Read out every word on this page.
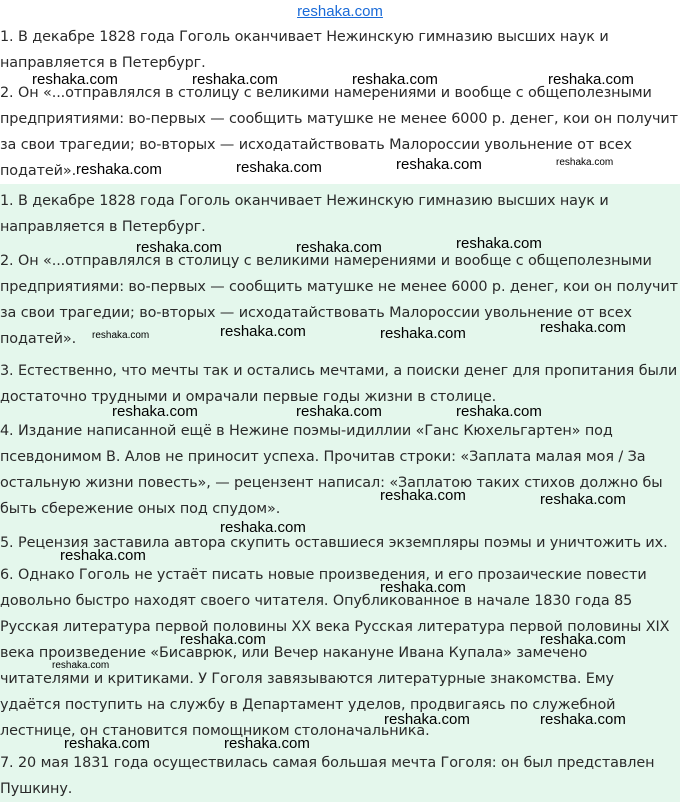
reshaka.com

1. В декабре 1828 года Гоголь оканчивает Нежинскую гимназию высших наук и направляется в Петербург.

2. Он «...отправлялся в столицу с великими намерениями и вообще с общеполезными предприятиями: во-первых — сообщить матушке не менее 6000 р. денег, кои он получит за свои трагедии; во-вторых — исходатайствовать Малороссии увольнение от всех податей».

1. В декабре 1828 года Гоголь оканчивает Нежинскую гимназию высших наук и направляется в Петербург.

2. Он «...отправлялся в столицу с великими намерениями и вообще с общеполезными предприятиями: во-первых — сообщить матушке не менее 6000 р. денег, кои он получит за свои трагедии; во-вторых — исходатайствовать Малороссии увольнение от всех податей».

3. Естественно, что мечты так и остались мечтами, а поиски денег для пропитания были достаточно трудными и омрачали первые годы жизни в столице.

4. Издание написанной ещё в Нежине поэмы-идиллии «Ганс Кюхельгартен» под псевдонимом В. Алов не приносит успеха. Прочитав строки: «Заплата малая моя / За остальную жизни повесть», — рецензент написал: «Заплатою таких стихов должно бы быть сбережение оных под спудом».

5. Рецензия заставила автора скупить оставшиеся экземпляры поэмы и уничтожить их.

6. Однако Гоголь не устаёт писать новые произведения, и его прозаические повести довольно быстро находят своего читателя. Опубликованное в начале 1830 года 85 Русская литература первой половины XX века Русская литература первой половины XIX века произведение «Бисаврюк, или Вечер накануне Ивана Купала» замечено читателями и критиками. У Гоголя завязываются литературные знакомства. Ему удаётся поступить на службу в Департамент уделов, продвигаясь по служебной лестнице, он становится помощником столоначальника.

7. 20 мая 1831 года осуществилась самая большая мечта Гоголя: он был представлен Пушкину.

reshaka.com	reshaka.com	reshaka.com	reshaka.com
reshaka.com	reshaka.com	reshaka.com	reshaka.com
reshaka.com	reshaka.com	reshaka.com
reshaka.com	reshaka.com	reshaka.com	reshaka.com
reshaka.com	reshaka.com	reshaka.com
reshaka.com	reshaka.com
reshaka.com
reshaka.com
reshaka.com
reshaka.com	reshaka.com
reshaka.com
reshaka.com	reshaka.com
reshaka.com	reshaka.com
